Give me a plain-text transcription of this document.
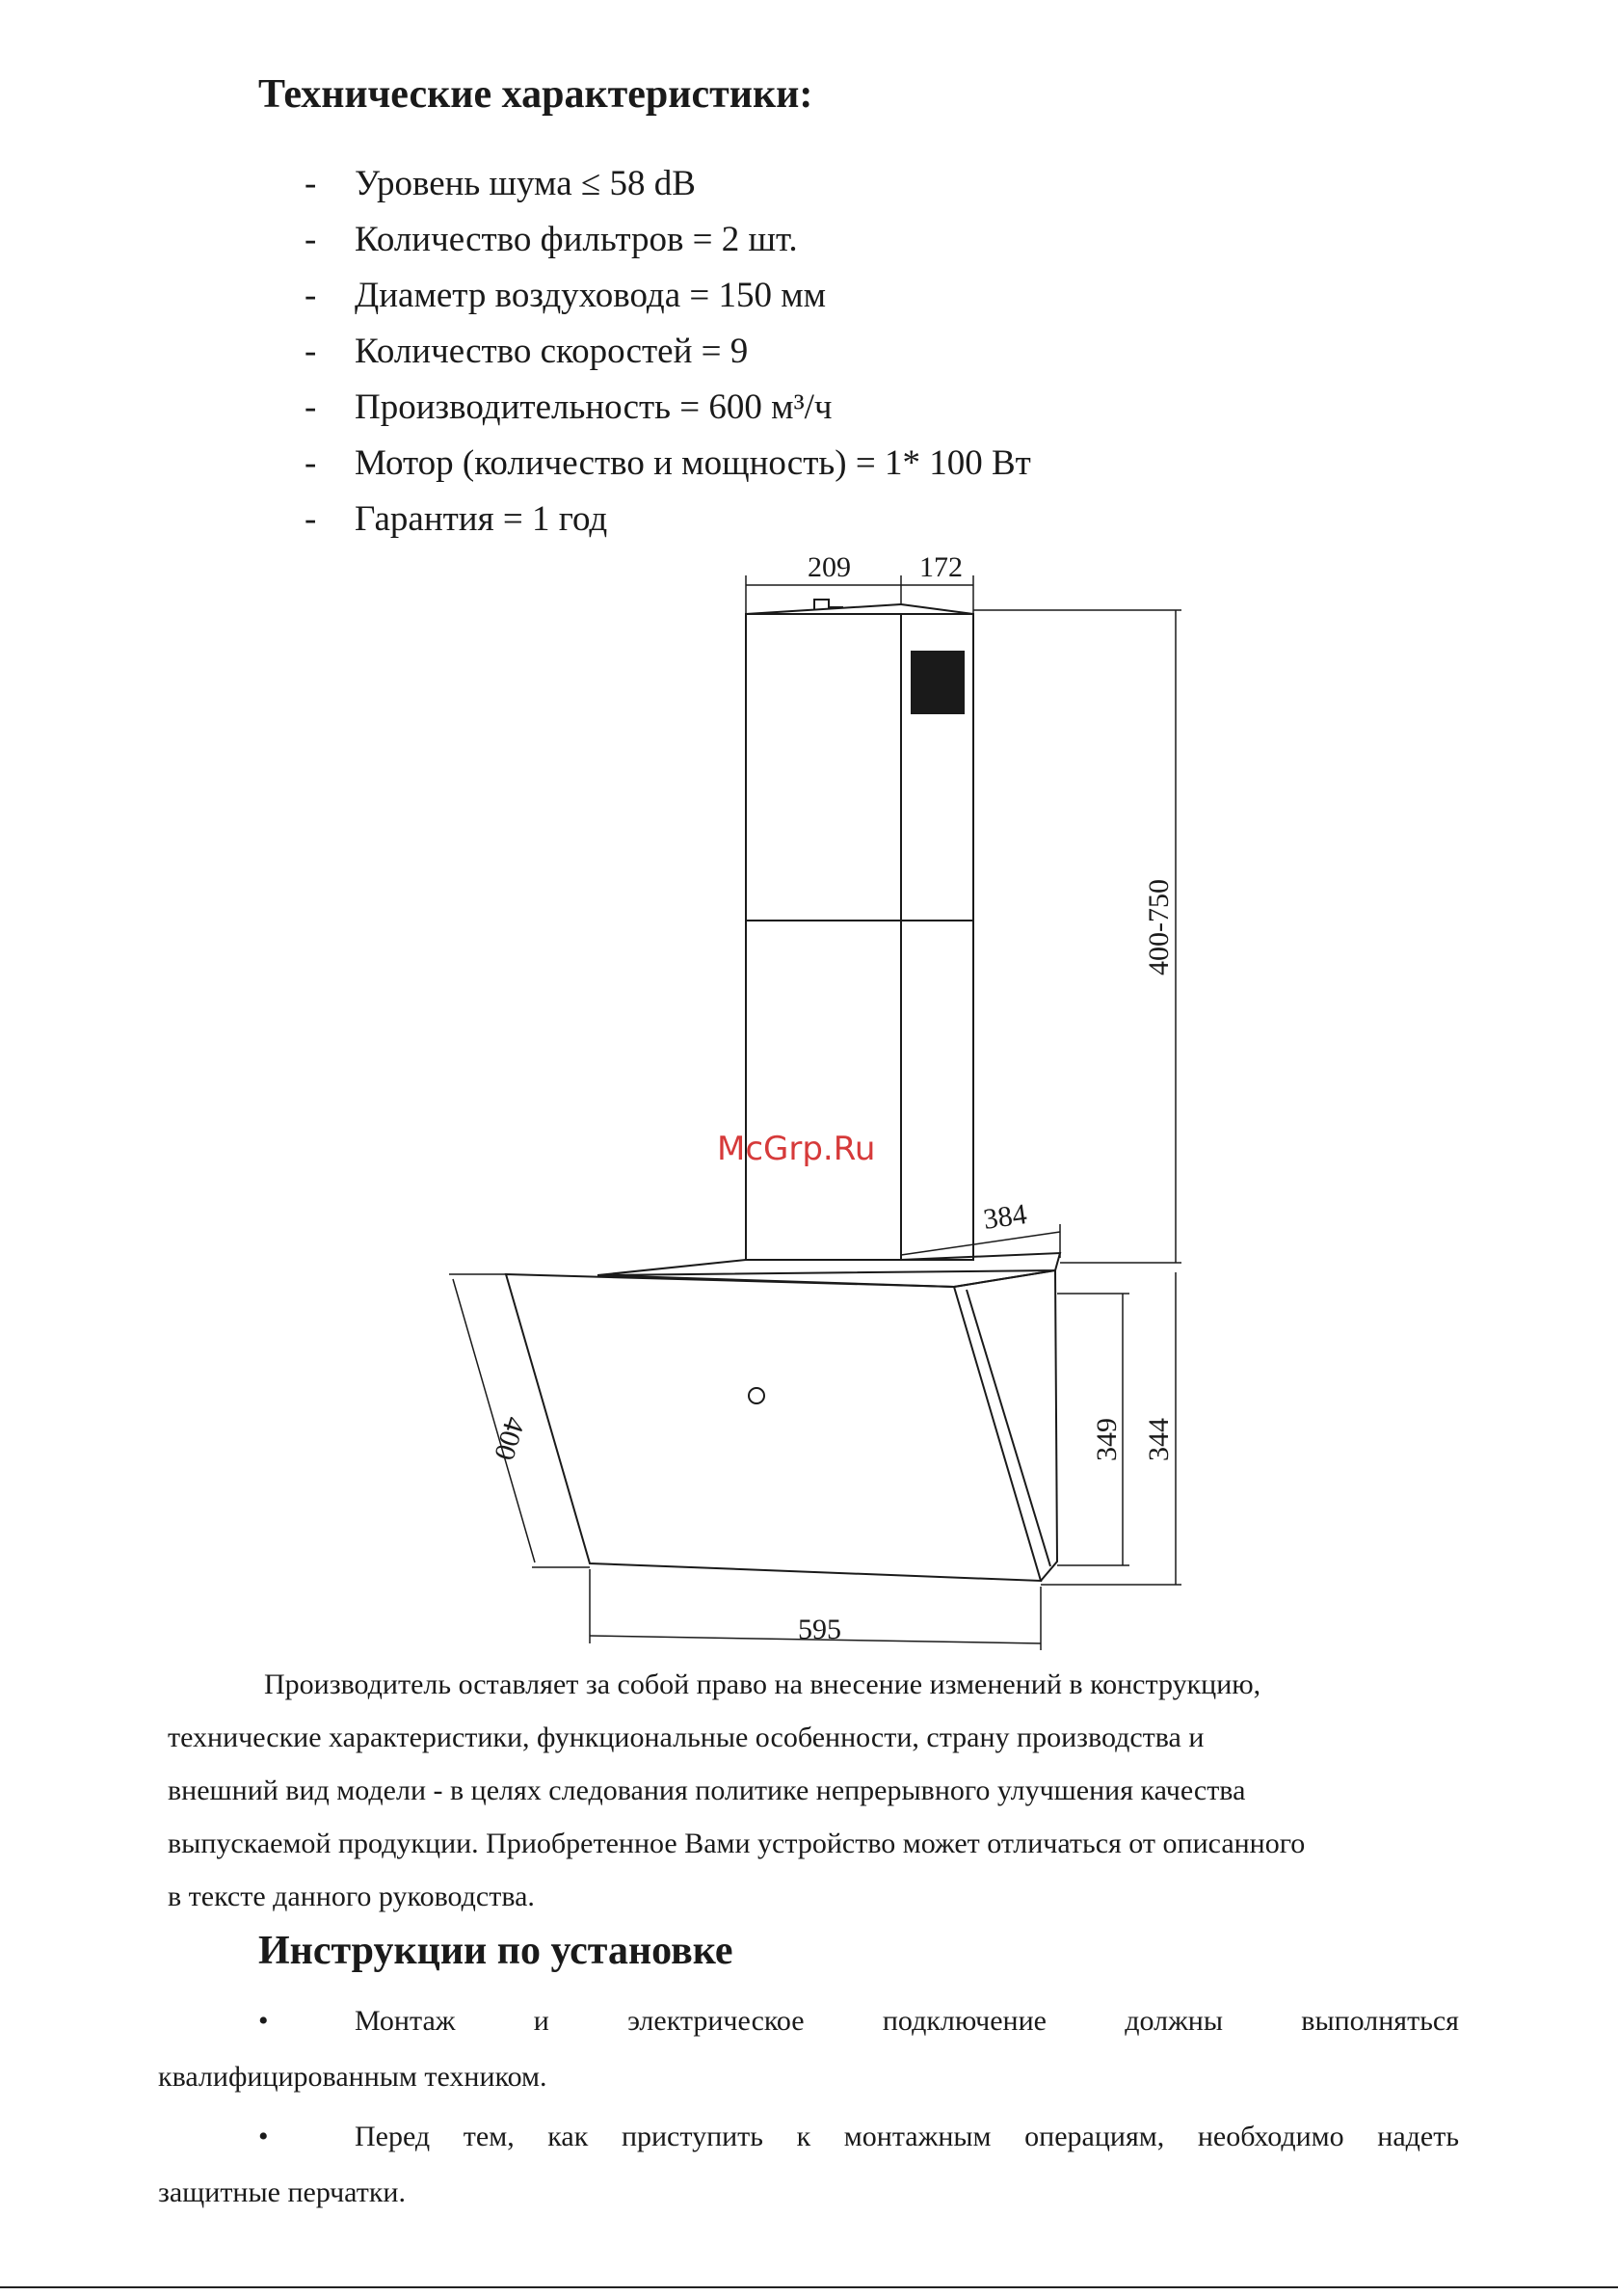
Технические характеристики:
- Уровень шума ≤ 58 dB
- Количество фильтров = 2 шт.
- Диаметр воздуховода = 150 мм
- Количество скоростей = 9
- Производительность = 600 м³/ч
- Мотор (количество и мощность) = 1* 100 Вт
- Гарантия = 1 год
209 172
400-750
384
400	349 344
595
McGrp.Ru

Производитель оставляет за собой право на внесение изменений в конструкцию,

технические характеристики, функциональные особенности, страну производства и

внешний вид модели - в целях следования политике непрерывного улучшения качества

выпускаемой продукции. Приобретенное Вами устройство может отличаться от описанного

в тексте данного руководства.

Инструкции по установке
•	Монтаж и электрическое подключение должны выполняться
квалифицированным техником.
•	Перед тем, как приступить к монтажным операциям, необходимо надеть
защитные перчатки.
